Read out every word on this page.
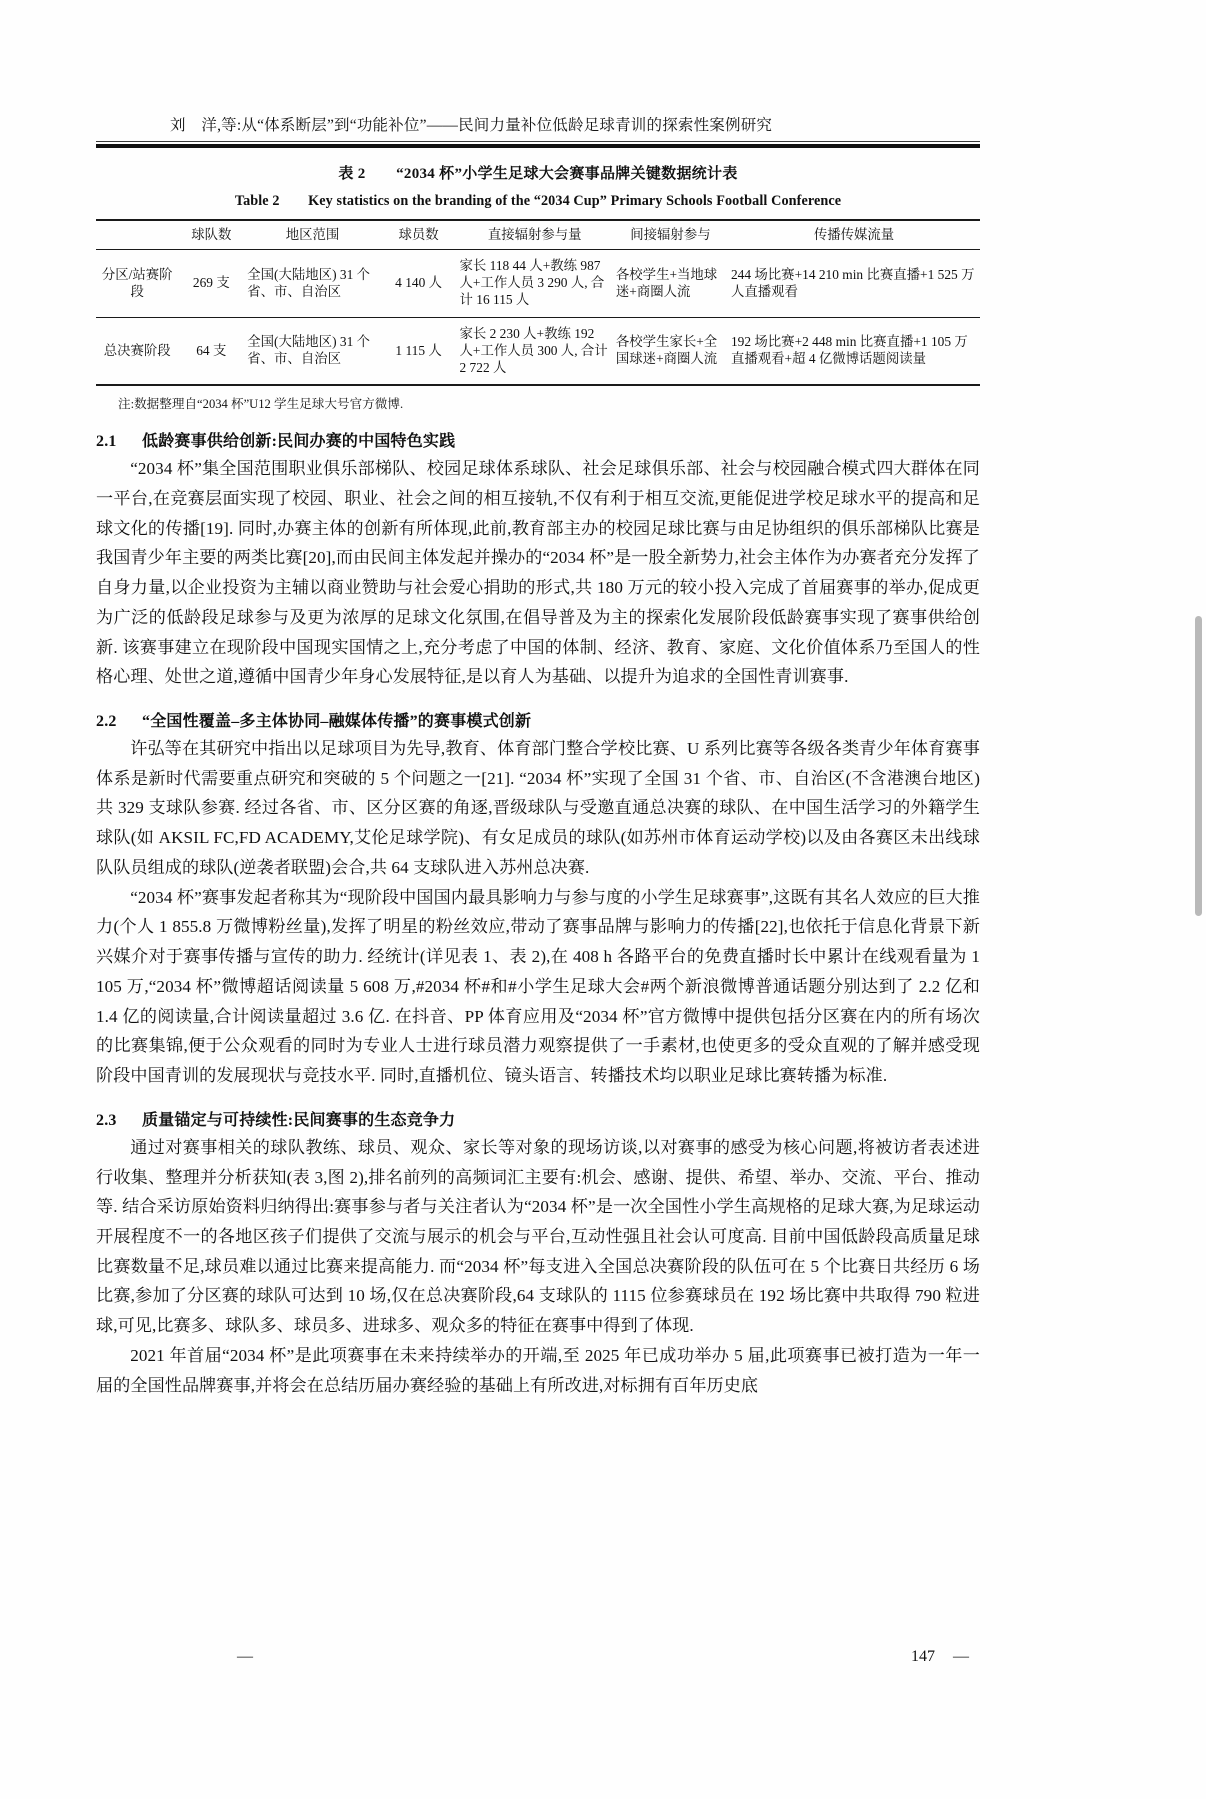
刘　洋,等:从“体系断层”到“功能补位”——民间力量补位低龄足球青训的探索性案例研究
表 2　　“2034 杯”小学生足球大会赛事品牌关键数据统计表
Table 2　　Key statistics on the branding of the “2034 Cup” Primary Schools Football Conference
	球队数	地区范围	球员数	直接辐射参与量	间接辐射参与	传播传媒流量
分区/站赛阶段	269 支	全国(大陆地区) 31 个省、市、自治区	4 140 人	家长 118 44 人+教练 987 人+工作人员 3 290 人, 合计 16 115 人	各校学生+当地球迷+商圈人流	244 场比赛+14 210 min 比赛直播+1 525 万人直播观看
总决赛阶段	64 支	全国(大陆地区) 31 个省、市、自治区	1 115 人	家长 2 230 人+教练 192 人+工作人员 300 人, 合计 2 722 人	各校学生家长+全国球迷+商圈人流	192 场比赛+2 448 min 比赛直播+1 105 万直播观看+超 4 亿微博话题阅读量
注:数据整理自“2034 杯”U12 学生足球大号官方微博.
2.1 低龄赛事供给创新:民间办赛的中国特色实践

“2034 杯”集全国范围职业俱乐部梯队、校园足球体系球队、社会足球俱乐部、社会与校园融合模式四大群体在同一平台,在竞赛层面实现了校园、职业、社会之间的相互接轨,不仅有利于相互交流,更能促进学校足球水平的提高和足球文化的传播[19]. 同时,办赛主体的创新有所体现,此前,教育部主办的校园足球比赛与由足协组织的俱乐部梯队比赛是我国青少年主要的两类比赛[20],而由民间主体发起并操办的“2034 杯”是一股全新势力,社会主体作为办赛者充分发挥了自身力量,以企业投资为主辅以商业赞助与社会爱心捐助的形式,共 180 万元的较小投入完成了首届赛事的举办,促成更为广泛的低龄段足球参与及更为浓厚的足球文化氛围,在倡导普及为主的探索化发展阶段低龄赛事实现了赛事供给创新. 该赛事建立在现阶段中国现实国情之上,充分考虑了中国的体制、经济、教育、家庭、文化价值体系乃至国人的性格心理、处世之道,遵循中国青少年身心发展特征,是以育人为基础、以提升为追求的全国性青训赛事.

2.2 “全国性覆盖–多主体协同–融媒体传播”的赛事模式创新

许弘等在其研究中指出以足球项目为先导,教育、体育部门整合学校比赛、U 系列比赛等各级各类青少年体育赛事体系是新时代需要重点研究和突破的 5 个问题之一[21]. “2034 杯”实现了全国 31 个省、市、自治区(不含港澳台地区)共 329 支球队参赛. 经过各省、市、区分区赛的角逐,晋级球队与受邀直通总决赛的球队、在中国生活学习的外籍学生球队(如 AKSIL FC,FD ACADEMY,艾伦足球学院)、有女足成员的球队(如苏州市体育运动学校)以及由各赛区未出线球队队员组成的球队(逆袭者联盟)会合,共 64 支球队进入苏州总决赛.

“2034 杯”赛事发起者称其为“现阶段中国国内最具影响力与参与度的小学生足球赛事”,这既有其名人效应的巨大推力(个人 1 855.8 万微博粉丝量),发挥了明星的粉丝效应,带动了赛事品牌与影响力的传播[22],也依托于信息化背景下新兴媒介对于赛事传播与宣传的助力. 经统计(详见表 1、表 2),在 408 h 各路平台的免费直播时长中累计在线观看量为 1 105 万,“2034 杯”微博超话阅读量 5 608 万,#2034 杯#和#小学生足球大会#两个新浪微博普通话题分别达到了 2.2 亿和 1.4 亿的阅读量,合计阅读量超过 3.6 亿. 在抖音、PP 体育应用及“2034 杯”官方微博中提供包括分区赛在内的所有场次的比赛集锦,便于公众观看的同时为专业人士进行球员潜力观察提供了一手素材,也使更多的受众直观的了解并感受现阶段中国青训的发展现状与竞技水平. 同时,直播机位、镜头语言、转播技术均以职业足球比赛转播为标准.

2.3 质量锚定与可持续性:民间赛事的生态竞争力

通过对赛事相关的球队教练、球员、观众、家长等对象的现场访谈,以对赛事的感受为核心问题,将被访者表述进行收集、整理并分析获知(表 3,图 2),排名前列的高频词汇主要有:机会、感谢、提供、希望、举办、交流、平台、推动等. 结合采访原始资料归纳得出:赛事参与者与关注者认为“2034 杯”是一次全国性小学生高规格的足球大赛,为足球运动开展程度不一的各地区孩子们提供了交流与展示的机会与平台,互动性强且社会认可度高. 目前中国低龄段高质量足球比赛数量不足,球员难以通过比赛来提高能力. 而“2034 杯”每支进入全国总决赛阶段的队伍可在 5 个比赛日共经历 6 场比赛,参加了分区赛的球队可达到 10 场,仅在总决赛阶段,64 支球队的 1115 位参赛球员在 192 场比赛中共取得 790 粒进球,可见,比赛多、球队多、球员多、进球多、观众多的特征在赛事中得到了体现.

2021 年首届“2034 杯”是此项赛事在未来持续举办的开端,至 2025 年已成功举办 5 届,此项赛事已被打造为一年一届的全国性品牌赛事,并将会在总结历届办赛经验的基础上有所改进,对标拥有百年历史底

—	147 —
